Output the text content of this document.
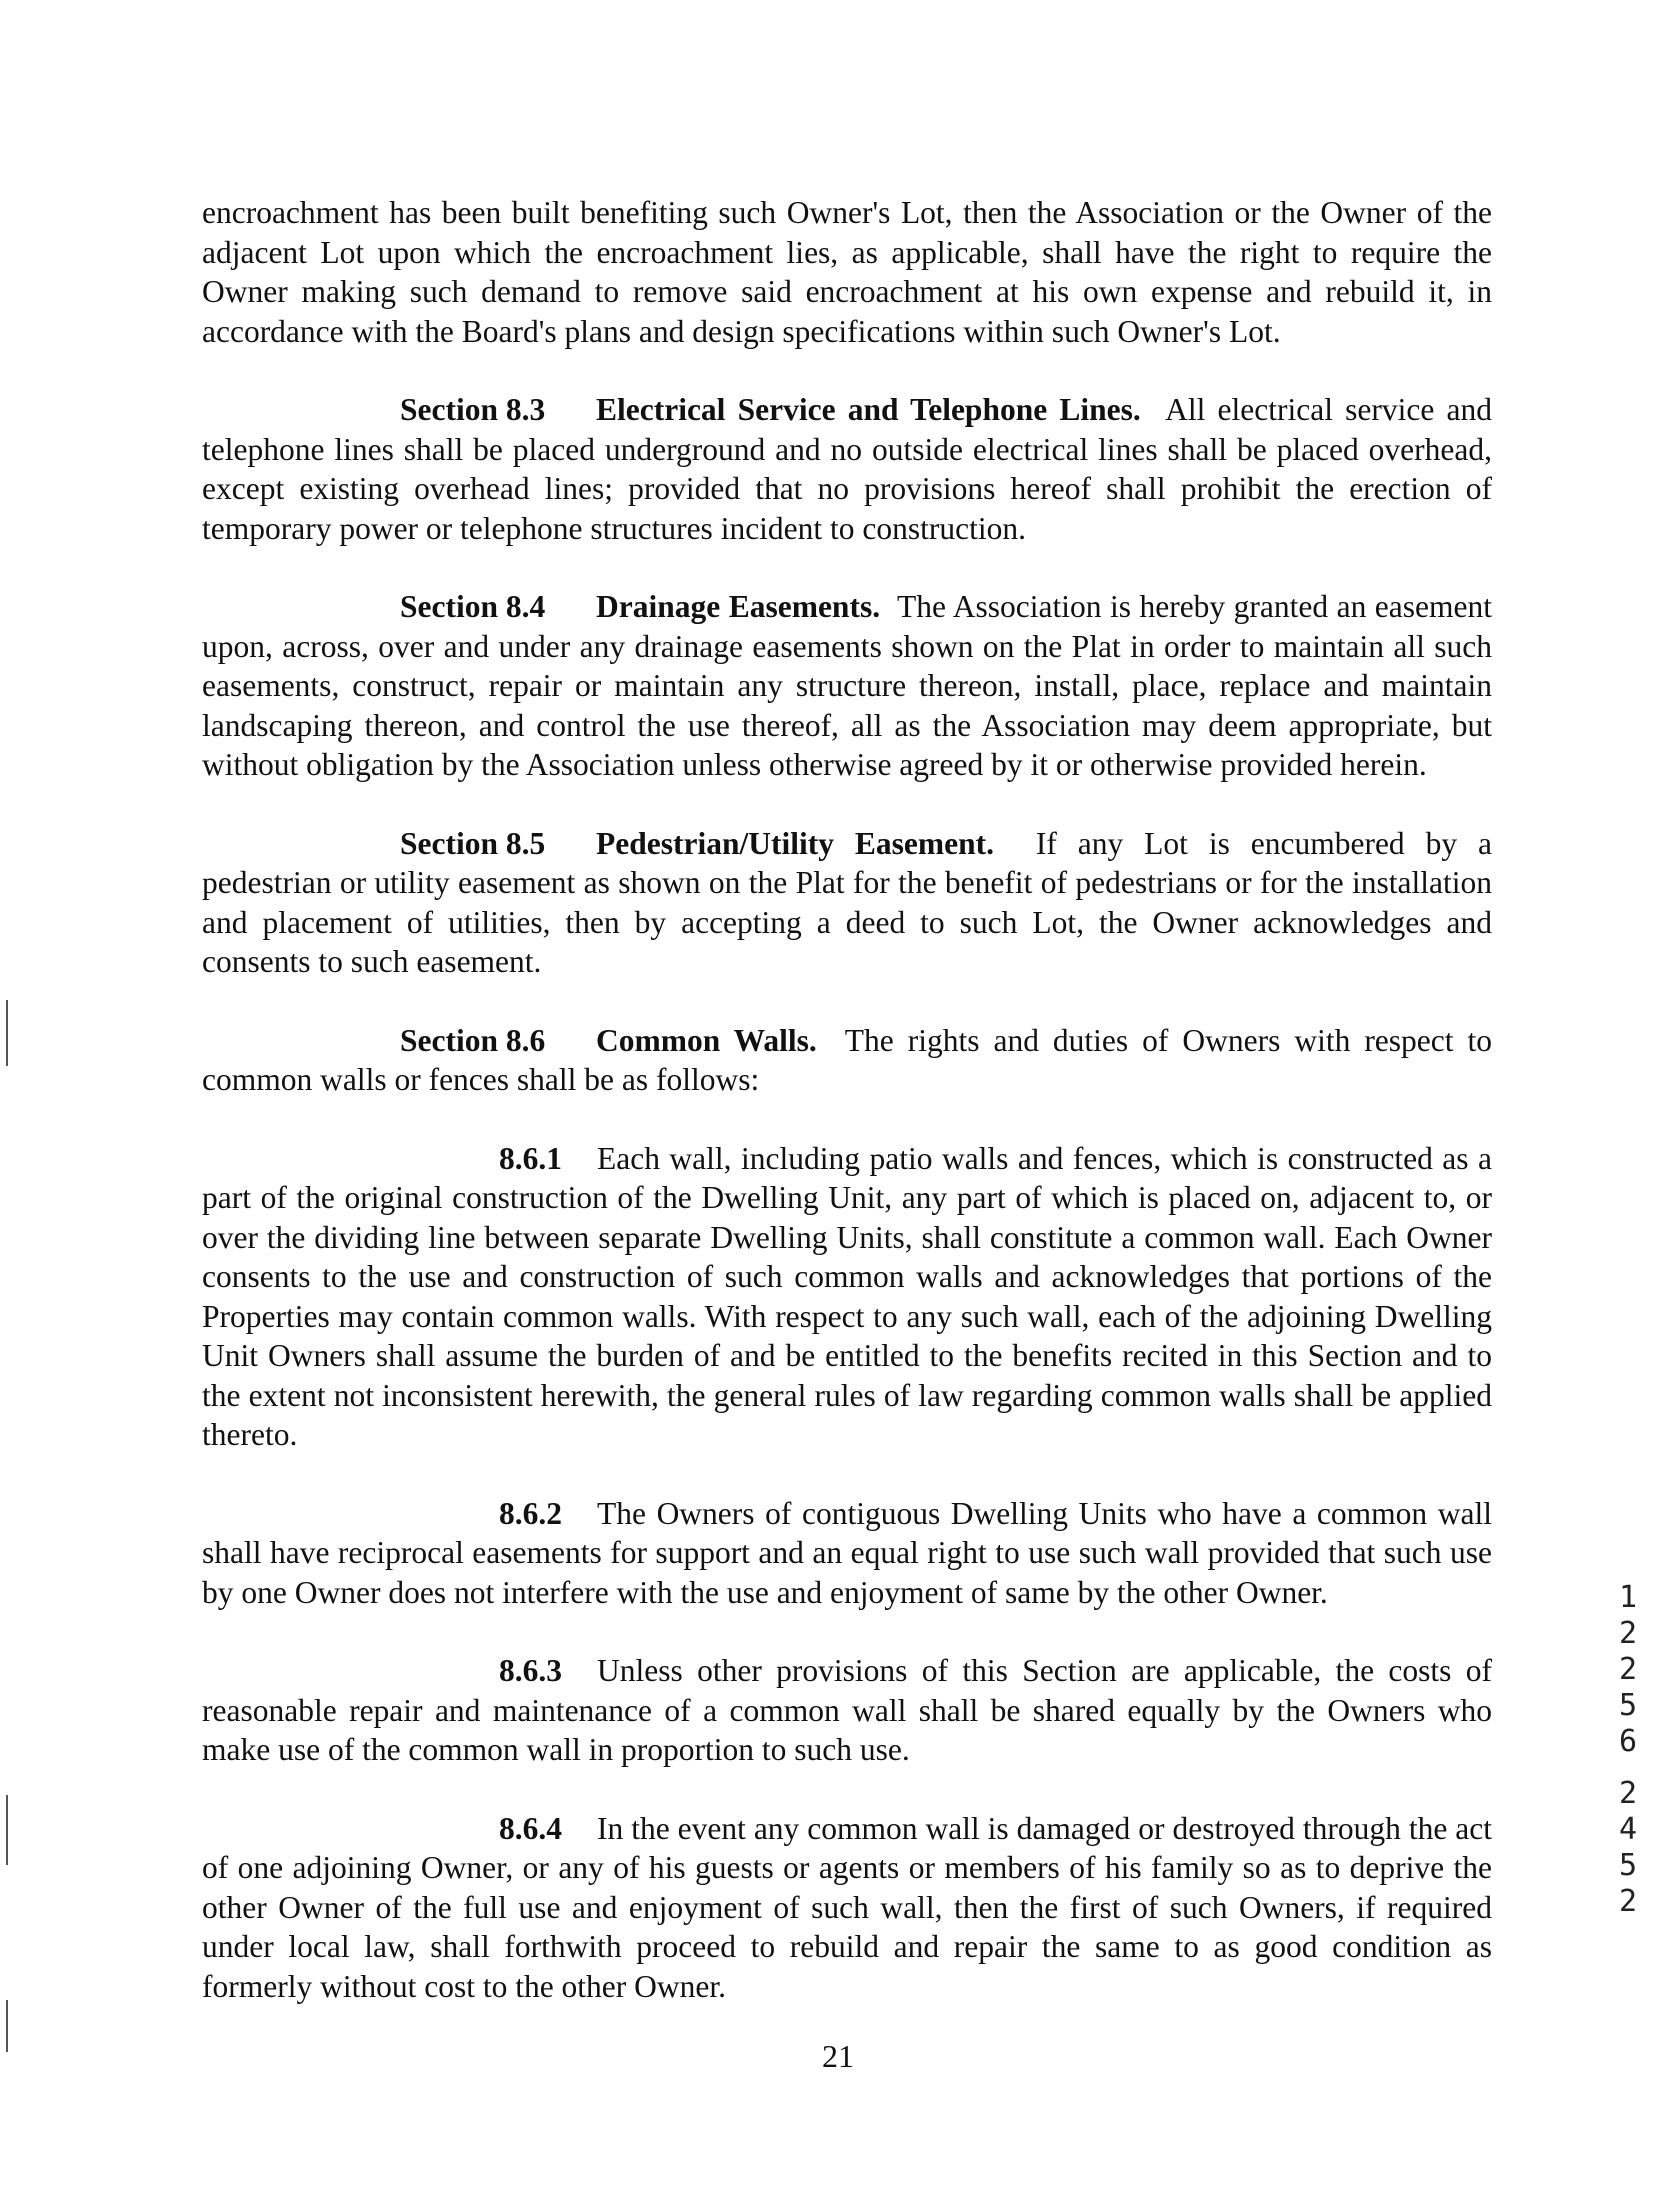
encroachment has been built benefiting such Owner's Lot, then the Association or the Owner of the adjacent Lot upon which the encroachment lies, as applicable, shall have the right to require the Owner making such demand to remove said encroachment at his own expense and rebuild it, in accordance with the Board's plans and design specifications within such Owner's Lot.

Section 8.3 Electrical Service and Telephone Lines. All electrical service and telephone lines shall be placed underground and no outside electrical lines shall be placed overhead, except existing overhead lines; provided that no provisions hereof shall prohibit the erection of temporary power or telephone structures incident to construction.

Section 8.4 Drainage Easements. The Association is hereby granted an easement upon, across, over and under any drainage easements shown on the Plat in order to maintain all such easements, construct, repair or maintain any structure thereon, install, place, replace and maintain landscaping thereon, and control the use thereof, all as the Association may deem appropriate, but without obligation by the Association unless otherwise agreed by it or otherwise provided herein.

Section 8.5 Pedestrian/Utility Easement. If any Lot is encumbered by a pedestrian or utility easement as shown on the Plat for the benefit of pedestrians or for the installation and placement of utilities, then by accepting a deed to such Lot, the Owner acknowledges and consents to such easement.

Section 8.6 Common Walls. The rights and duties of Owners with respect to common walls or fences shall be as follows:

8.6.1 Each wall, including patio walls and fences, which is constructed as a part of the original construction of the Dwelling Unit, any part of which is placed on, adjacent to, or over the dividing line between separate Dwelling Units, shall constitute a common wall. Each Owner consents to the use and construction of such common walls and acknowledges that portions of the Properties may contain common walls. With respect to any such wall, each of the adjoining Dwelling Unit Owners shall assume the burden of and be entitled to the benefits recited in this Section and to the extent not inconsistent herewith, the general rules of law regarding common walls shall be applied thereto.

8.6.2 The Owners of contiguous Dwelling Units who have a common wall shall have reciprocal easements for support and an equal right to use such wall provided that such use by one Owner does not interfere with the use and enjoyment of same by the other Owner.

8.6.3 Unless other provisions of this Section are applicable, the costs of reasonable repair and maintenance of a common wall shall be shared equally by the Owners who make use of the common wall in proportion to such use.

8.6.4 In the event any common wall is damaged or destroyed through the act of one adjoining Owner, or any of his guests or agents or members of his family so as to deprive the other Owner of the full use and enjoyment of such wall, then the first of such Owners, if required under local law, shall forthwith proceed to rebuild and repair the same to as good condition as formerly without cost to the other Owner.

21
1
2
2
5
6
2
4
5
2
